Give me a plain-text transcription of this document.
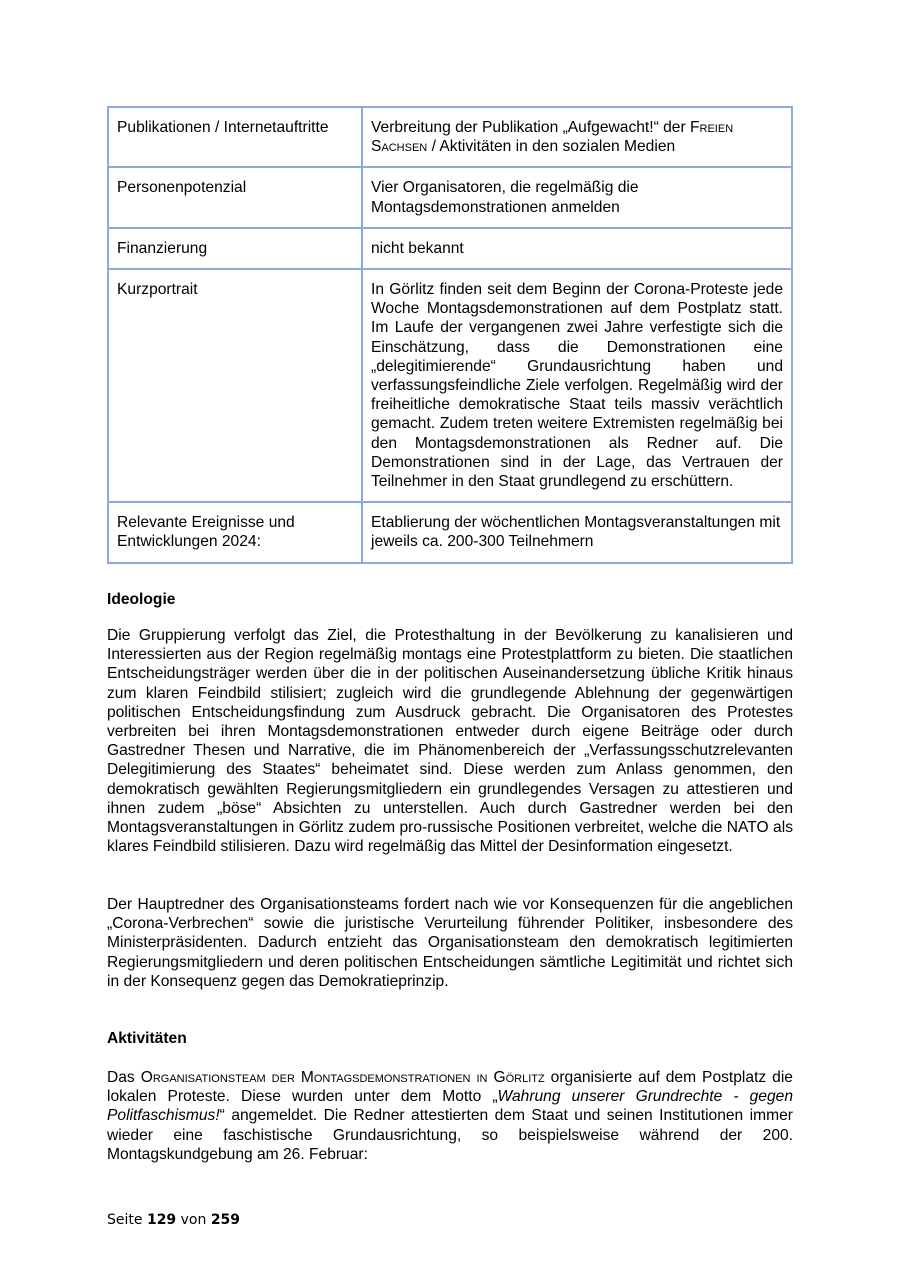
Publikationen / Internetauftritte	Verbreitung der Publikation „Aufgewacht!“ der Freien Sachsen / Aktivitäten in den sozialen Medien
Personenpotenzial	Vier Organisatoren, die regelmäßig die Montagsdemonstrationen anmelden
Finanzierung	nicht bekannt
Kurzportrait	In Görlitz finden seit dem Beginn der Corona-Proteste jede Woche Montagsdemonstrationen auf dem Postplatz statt. Im Laufe der vergangenen zwei Jahre verfestigte sich die Einschätzung, dass die Demonstrationen eine „delegitimierende“ Grundausrichtung haben und verfassungsfeindliche Ziele verfolgen. Regelmäßig wird der freiheitliche demokratische Staat teils massiv verächtlich gemacht. Zudem treten weitere Extremisten regelmäßig bei den Montagsdemonstrationen als Redner auf. Die Demonstrationen sind in der Lage, das Vertrauen der Teilnehmer in den Staat grundlegend zu erschüttern.
Relevante Ereignisse und Entwicklungen 2024:	Etablierung der wöchentlichen Montagsveranstaltungen mit jeweils ca. 200-300 Teilnehmern
Ideologie

Die Gruppierung verfolgt das Ziel, die Protesthaltung in der Bevölkerung zu kanalisieren und Interessierten aus der Region regelmäßig montags eine Protestplattform zu bieten. Die staatlichen Entscheidungsträger werden über die in der politischen Auseinandersetzung übliche Kritik hinaus zum klaren Feindbild stilisiert; zugleich wird die grundlegende Ablehnung der gegenwärtigen politischen Entscheidungsfindung zum Ausdruck gebracht. Die Organisatoren des Protestes verbreiten bei ihren Montagsdemonstrationen entweder durch eigene Beiträge oder durch Gastredner Thesen und Narrative, die im Phänomenbereich der „Verfassungsschutzrelevanten Delegitimierung des Staates“ beheimatet sind. Diese werden zum Anlass genommen, den demokratisch gewählten Regierungsmitgliedern ein grundlegendes Versagen zu attestieren und ihnen zudem „böse“ Absichten zu unterstellen. Auch durch Gastredner werden bei den Montagsveranstaltungen in Görlitz zudem pro-russische Positionen verbreitet, welche die NATO als klares Feindbild stilisieren. Dazu wird regelmäßig das Mittel der Desinformation eingesetzt.

Der Hauptredner des Organisationsteams fordert nach wie vor Konsequenzen für die angeblichen „Corona-Verbrechen“ sowie die juristische Verurteilung führender Politiker, insbesondere des Ministerpräsidenten. Dadurch entzieht das Organisationsteam den demokratisch legitimierten Regierungsmitgliedern und deren politischen Entscheidungen sämtliche Legitimität und richtet sich in der Konsequenz gegen das Demokratieprinzip.

Aktivitäten

Das Organisationsteam der Montagsdemonstrationen in Görlitz organisierte auf dem Postplatz die lokalen Proteste. Diese wurden unter dem Motto „Wahrung unserer Grundrechte - gegen Politfaschismus!“ angemeldet. Die Redner attestierten dem Staat und seinen Institutionen immer wieder eine faschistische Grundausrichtung, so beispielsweise während der 200. Montagskundgebung am 26. Februar:

Seite 129 von 259
